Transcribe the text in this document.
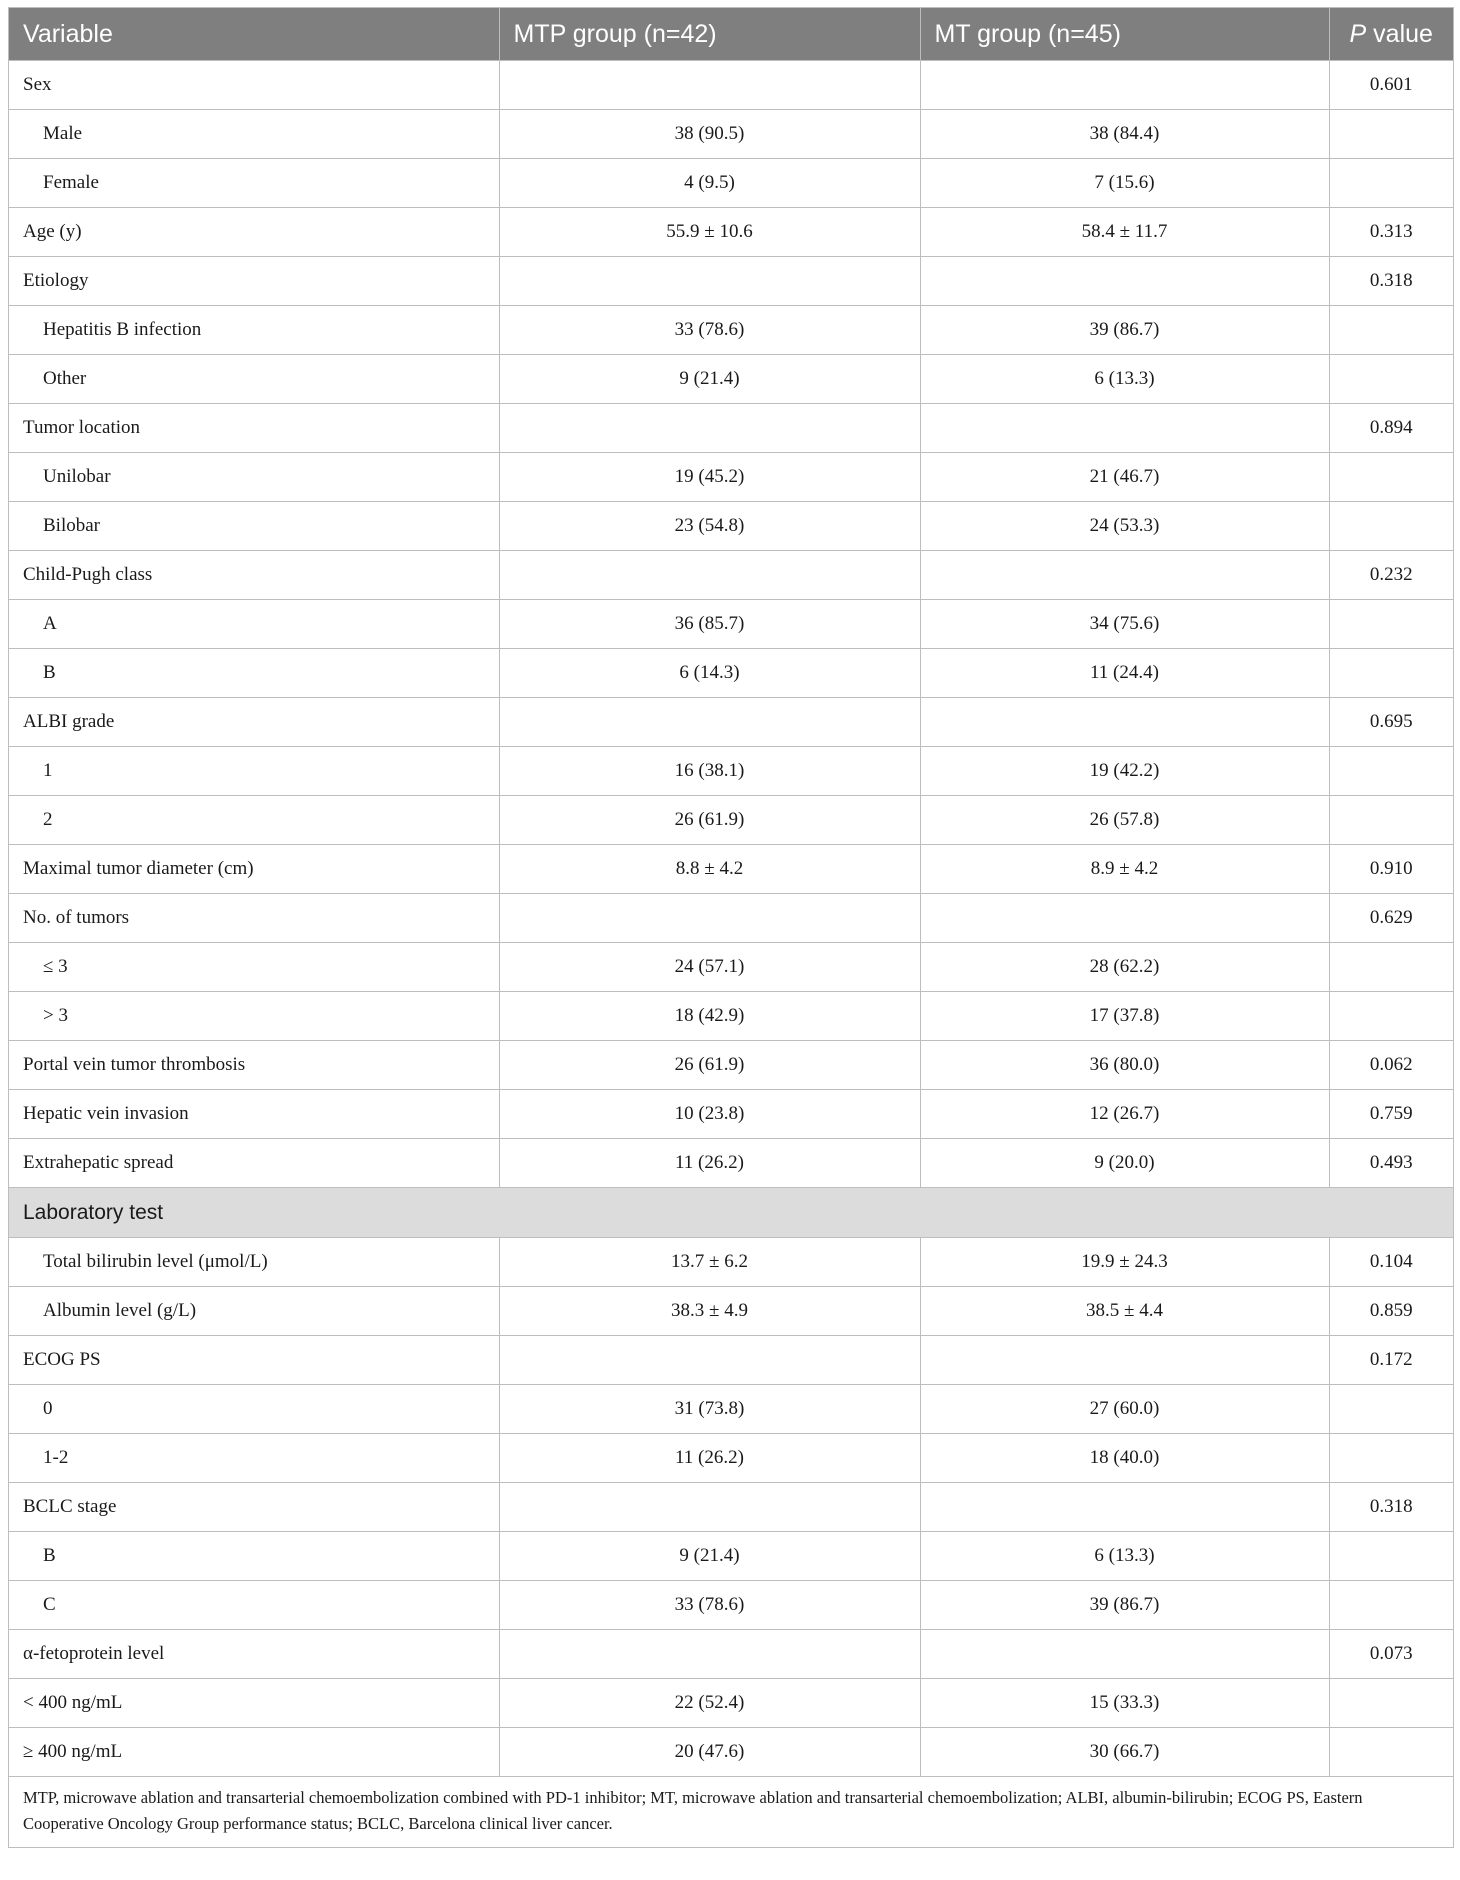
Variable	MTP group (n=42)	MT group (n=45)	P value
Sex			0.601
Male	38 (90.5)	38 (84.4)	
Female	4 (9.5)	7 (15.6)	
Age (y)	55.9 ± 10.6	58.4 ± 11.7	0.313
Etiology			0.318
Hepatitis B infection	33 (78.6)	39 (86.7)	
Other	9 (21.4)	6 (13.3)	
Tumor location			0.894
Unilobar	19 (45.2)	21 (46.7)	
Bilobar	23 (54.8)	24 (53.3)	
Child-Pugh class			0.232
A	36 (85.7)	34 (75.6)	
B	6 (14.3)	11 (24.4)	
ALBI grade			0.695
1	16 (38.1)	19 (42.2)	
2	26 (61.9)	26 (57.8)	
Maximal tumor diameter (cm)	8.8 ± 4.2	8.9 ± 4.2	0.910
No. of tumors			0.629
≤ 3	24 (57.1)	28 (62.2)	
> 3	18 (42.9)	17 (37.8)	
Portal vein tumor thrombosis	26 (61.9)	36 (80.0)	0.062
Hepatic vein invasion	10 (23.8)	12 (26.7)	0.759
Extrahepatic spread	11 (26.2)	9 (20.0)	0.493
Laboratory test			
Total bilirubin level (μmol/L)	13.7 ± 6.2	19.9 ± 24.3	0.104
Albumin level (g/L)	38.3 ± 4.9	38.5 ± 4.4	0.859
ECOG PS			0.172
0	31 (73.8)	27 (60.0)	
1-2	11 (26.2)	18 (40.0)	
BCLC stage			0.318
B	9 (21.4)	6 (13.3)	
C	33 (78.6)	39 (86.7)	
α-fetoprotein level			0.073
< 400 ng/mL	22 (52.4)	15 (33.3)	
≥ 400 ng/mL	20 (47.6)	30 (66.7)	
MTP, microwave ablation and transarterial chemoembolization combined with PD-1 inhibitor; MT, microwave ablation and transarterial chemoembolization; ALBI, albumin-bilirubin; ECOG PS, Eastern Cooperative Oncology Group performance status; BCLC, Barcelona clinical liver cancer.			
